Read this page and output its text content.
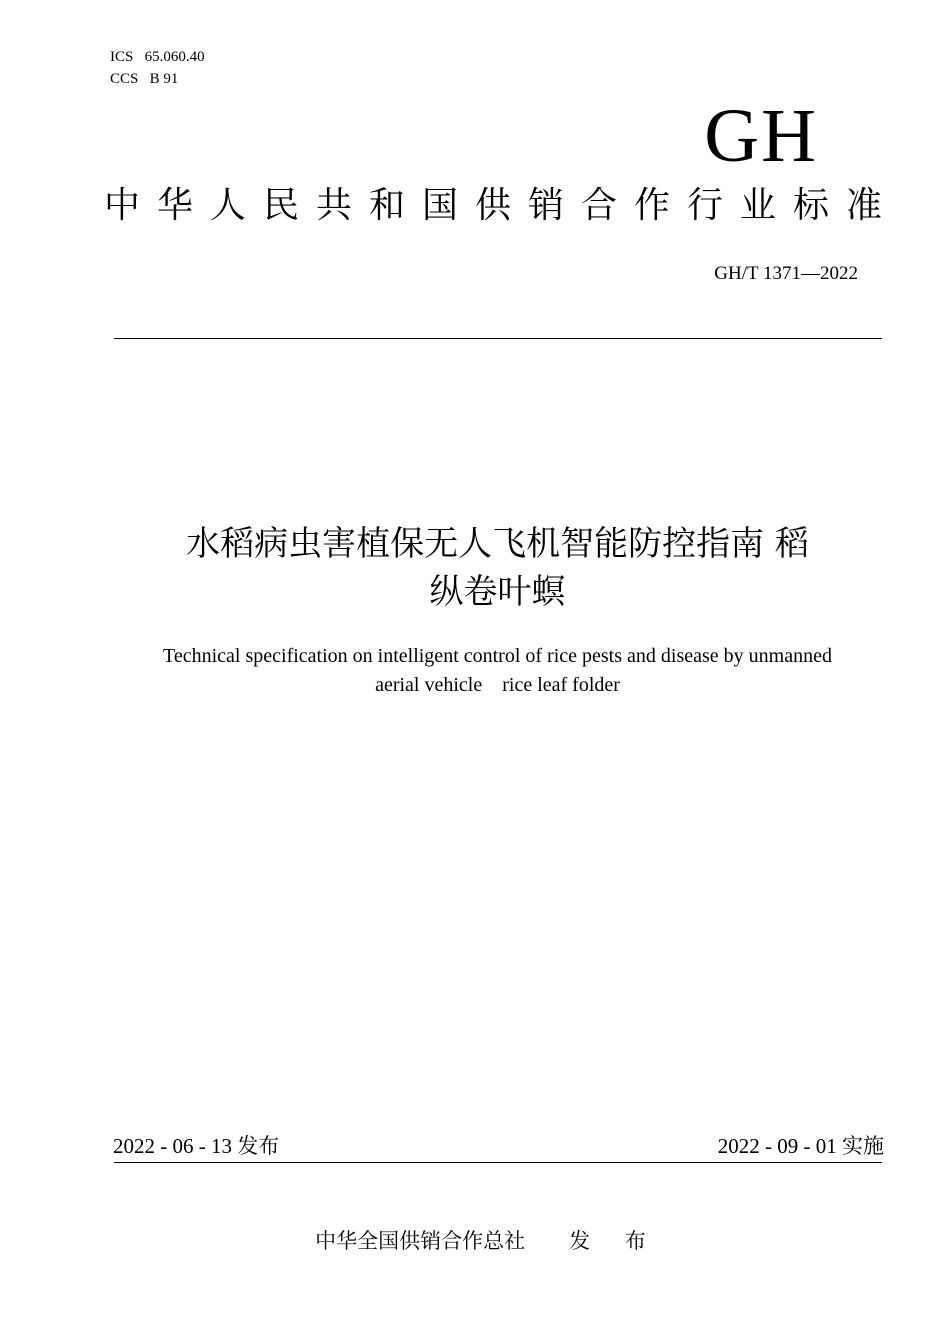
ICS   65.060.40
CCS   B 91
GH
中华人民共和国供销合作行业标准
GH/T 1371—2022
水稻病虫害植保无人飞机智能防控指南 稻
纵卷叶螟
Technical specification on intelligent control of rice pests and disease by unmanned
aerial vehicle    rice leaf folder
2022 - 06 - 13 发布	2022 - 09 - 01 实施
中华全国供销合作总社 发 布
